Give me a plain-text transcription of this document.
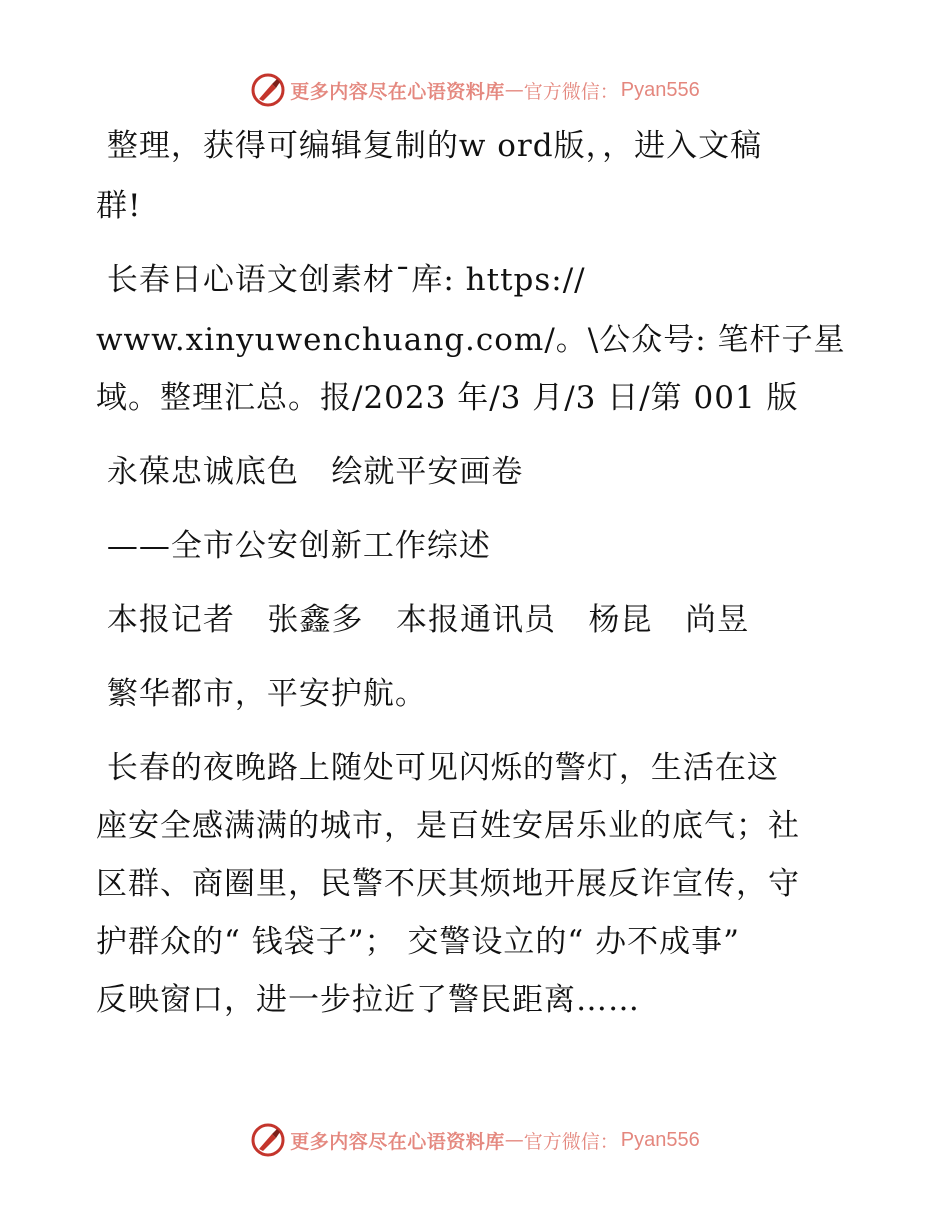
更多内容尽在心语资料库 — 官方微信： Pyan556
整理，获得可编辑复制的w ord版，，进入文稿
群!
长春日心语文创素材¯库: https://
www.xinyuwenchuang.com/。\公众号: 笔杆子星
域。整理汇总。报/2023 年/3 月/3 日/第 001 版
永葆忠诚底色   绘就平安画卷
——全市公安创新工作综述
本报记者   张鑫多   本报通讯员   杨昆   尚昱
繁华都市，平安护航。
长春的夜晚路上随处可见闪烁的警灯，生活在这
座安全感满满的城市，是百姓安居乐业的底气；社
区群、商圈里，民警不厌其烦地开展反诈宣传，守
护群众的“ 钱袋子”； 交警设立的“ 办不成事”
反映窗口，进一步拉近了警民距离……
更多内容尽在心语资料库 — 官方微信： Pyan556
